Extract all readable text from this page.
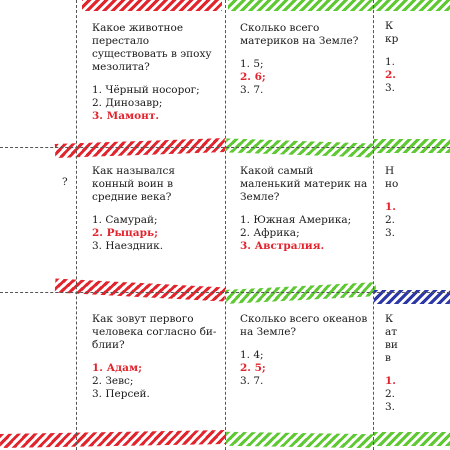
?

Какое животное перестало существовать в эпоху мезолита?

1. Чёрный носорог;

2. Динозавр;

3. Мамонт.

Сколько всего материков на Земле?

1. 5;

2. 6;

3. 7.

Как назывался конный воин в средние века?

1. Самурай;

2. Рыцарь;

3. Наездник.

Какой самый маленький материк на Земле?

1. Южная Америка;

2. Африка;

3. Австралия.

Как зовут первого человека согласно би-блии?

1. Адам;

2. Зевс;

3. Персей.

Сколько всего океанов на Земле?

1. 4;

2. 5;

3. 7.

К

кр

1.

2.

3.

Н

но

1.

2.

3.

К

ат

ви

в

1.

2.

3.
